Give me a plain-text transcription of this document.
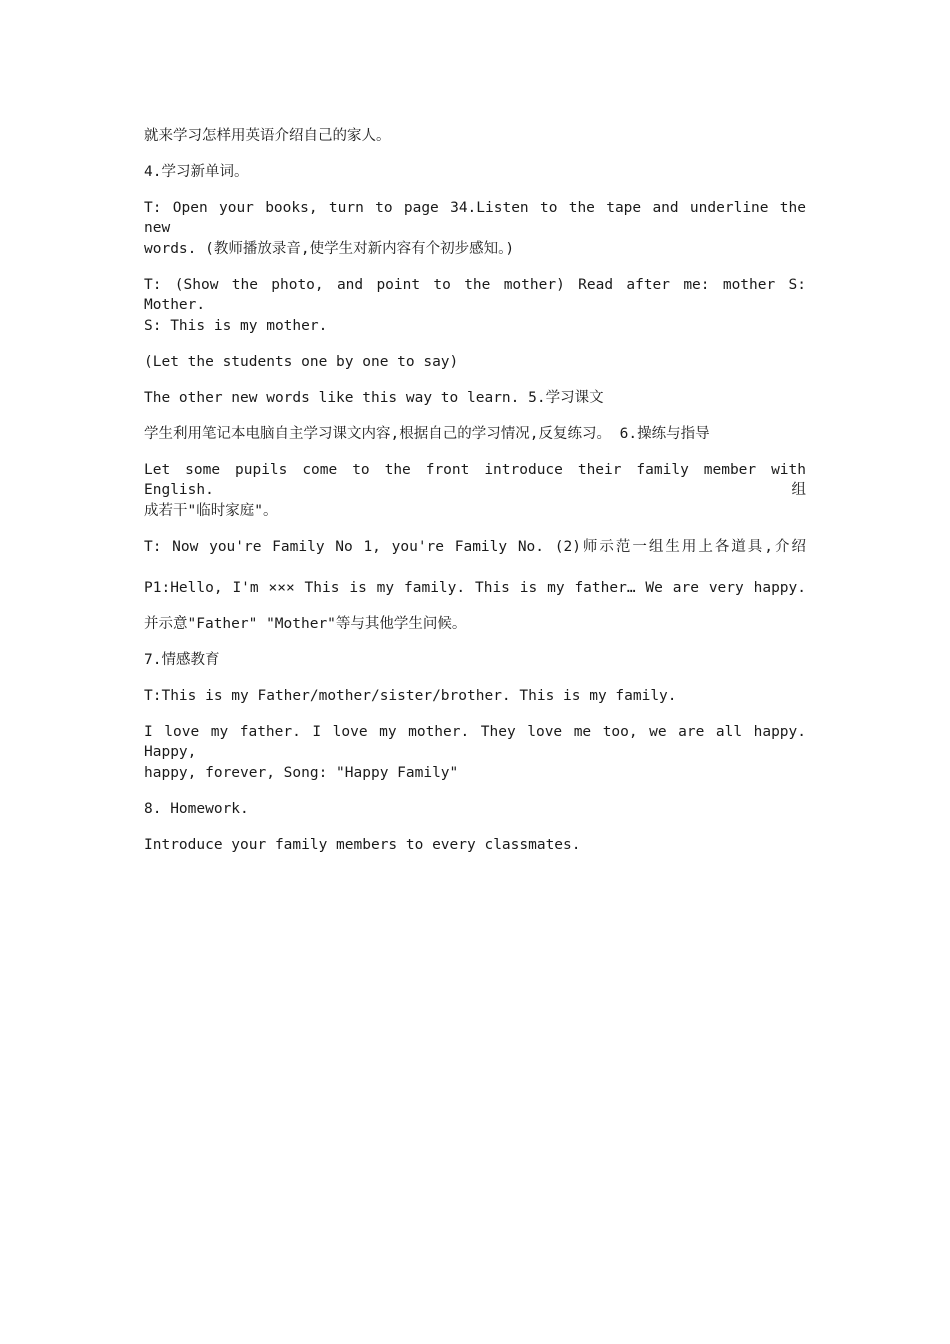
就来学习怎样用英语介绍自己的家人。
4.学习新单词。
T: Open your books, turn to page 34.Listen to the tape and underline the new
words. (教师播放录音,使学生对新内容有个初步感知。)
T: (Show the photo, and point to the mother) Read after me: mother S: Mother.
S: This is my mother.
(Let the students one by one to say)
The other new words like this way to learn. 5.学习课文
学生利用笔记本电脑自主学习课文内容,根据自己的学习情况,反复练习。 6.操练与指导
Let some pupils come to the front introduce their family member with English.组
成若干"临时家庭"。
T: Now you're Family No 1, you're Family No. (2)师示范一组生用上各道具,介绍
P1:Hello, I'm ××× This is my family. This is my father… We are very happy.
并示意"Father" "Mother"等与其他学生问候。
7.情感教育
T:This is my Father/mother/sister/brother. This is my family.
I love my father. I love my mother. They love me too, we are all happy. Happy,
happy, forever, Song: "Happy Family"
8. Homework.
Introduce your family members to every classmates.
